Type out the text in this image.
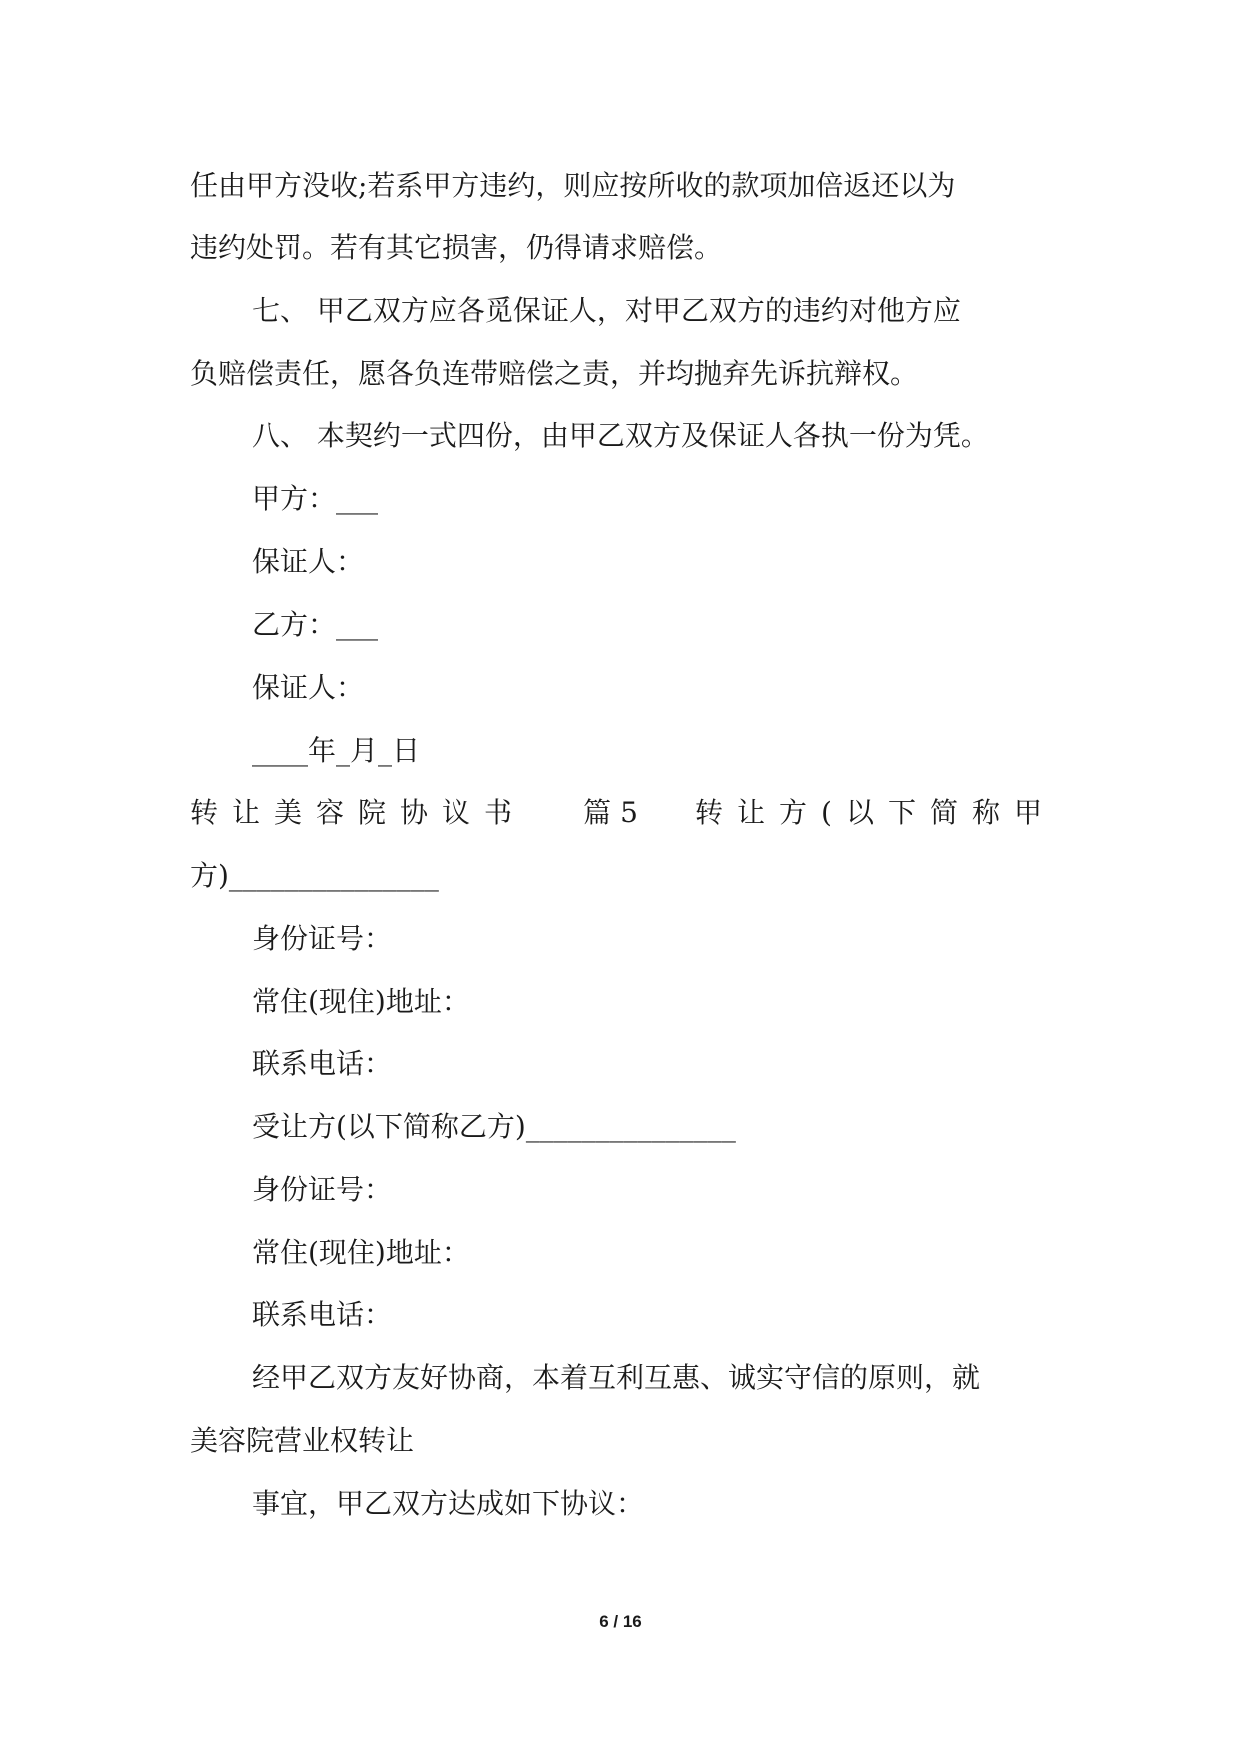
任由甲方没收;若系甲方违约，则应按所收的款项加倍返还以为
违约处罚。若有其它损害，仍得请求赔偿。
七、 甲乙双方应各觅保证人，对甲乙双方的违约对他方应
负赔偿责任，愿各负连带赔偿之责，并均抛弃先诉抗辩权。
八、 本契约一式四份，由甲乙双方及保证人各执一份为凭。
甲方：___
保证人：
乙方：___
保证人：
____年_月_日
转让美容院协议书 篇 5 转让方(以下简称甲
方)_______________
身份证号：
常住(现住)地址：
联系电话：
受让方(以下简称乙方)_______________
身份证号：
常住(现住)地址：
联系电话：
经甲乙双方友好协商，本着互利互惠、诚实守信的原则，就
美容院营业权转让
事宜，甲乙双方达成如下协议：
6 / 16
